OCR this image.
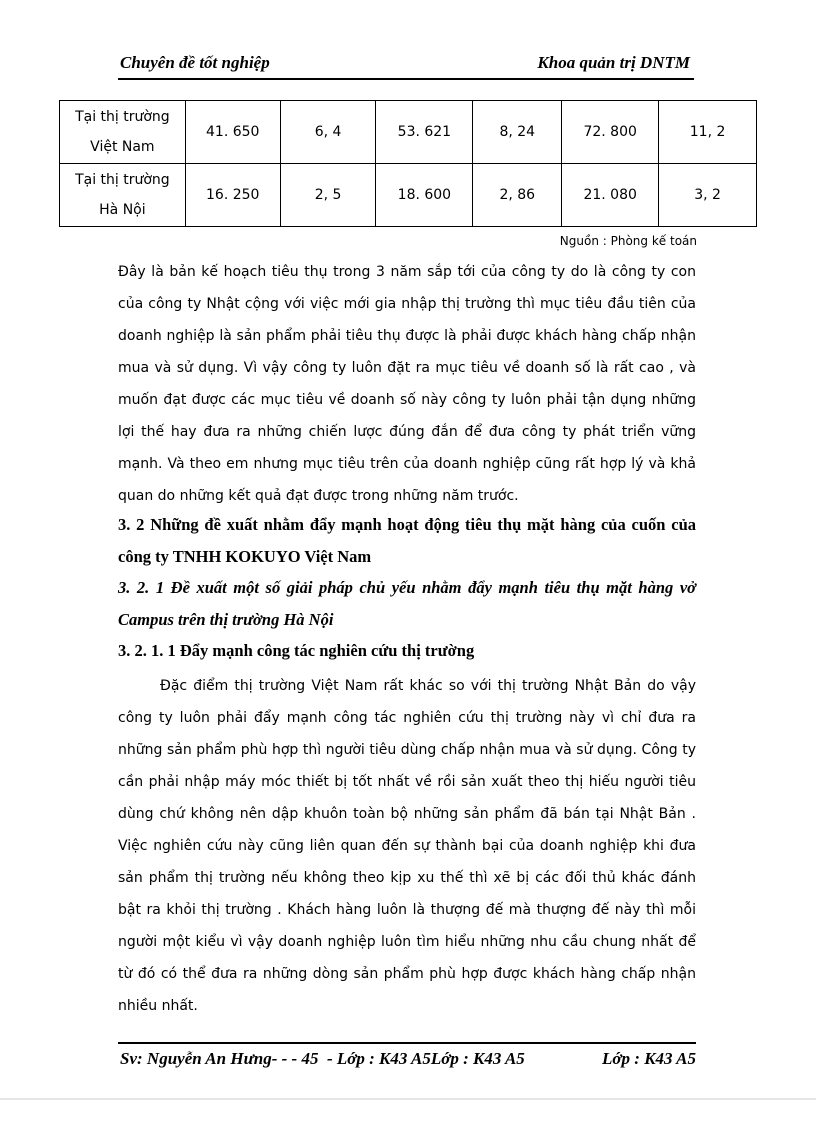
Chuyên đề tốt nghiệp	Khoa quản trị DNTM
Tại thị trường
Việt Nam	41. 650	6, 4	53. 621	8, 24	72. 800	11, 2

Tại thị trường
Hà Nội	16. 250	2, 5	18. 600	2, 86	21. 080	3, 2
Nguồn : Phòng kế toán

Đây là bản kế hoạch tiêu thụ trong 3 năm sắp tới của công ty do là công ty con của công ty Nhật cộng với việc mới gia nhập thị trường thì mục tiêu đầu tiên của doanh nghiệp là sản phẩm phải tiêu thụ được là phải được khách hàng chấp nhận mua và sử dụng. Vì vậy công ty luôn đặt ra mục tiêu về doanh số là rất cao , và muốn đạt được các mục tiêu về doanh số này công ty luôn phải tận dụng những lợi thế hay đưa ra những chiến lược đúng đắn để đưa công ty phát triển vững mạnh. Và theo em nhưng mục tiêu trên của doanh nghiệp cũng rất hợp lý và khả quan do những kết quả đạt được trong những năm trước.

3. 2 Những đề xuất nhằm đẩy mạnh hoạt động tiêu thụ mặt hàng của cuốn của công ty TNHH KOKUYO Việt Nam
3. 2. 1 Đề xuất một số giải pháp chủ yếu nhằm đẩy mạnh tiêu thụ mặt hàng vở Campus trên thị trường Hà Nội
3. 2. 1. 1 Đẩy mạnh công tác nghiên cứu thị trường

Đặc điểm thị trường Việt Nam rất khác so với thị trường Nhật Bản do vậy công ty luôn phải đẩy mạnh công tác nghiên cứu thị trường này vì chỉ đưa ra những sản phẩm phù hợp thì người tiêu dùng chấp nhận mua và sử dụng. Công ty cần phải nhập máy móc thiết bị tốt nhất về rồi sản xuất theo thị hiếu người tiêu dùng chứ không nên dập khuôn toàn bộ những sản phẩm đã bán tại Nhật Bản . Việc nghiên cứu này cũng liên quan đến sự thành bại của doanh nghiệp khi đưa sản phẩm thị trường nếu không theo kịp xu thế thì xẽ bị các đối thủ khác đánh bật ra khỏi thị trường . Khách hàng luôn là thượng đế mà thượng đế này thì mỗi người một kiểu vì vậy doanh nghiệp luôn tìm hiểu những nhu cầu chung nhất để từ đó có thể đưa ra những dòng sản phẩm phù hợp được khách hàng chấp nhận nhiều nhất.

Sv: Nguyễn An Hưng- - - 45  - Lớp : K43 A5Lớp : K43 A5	Lớp : K43 A5
